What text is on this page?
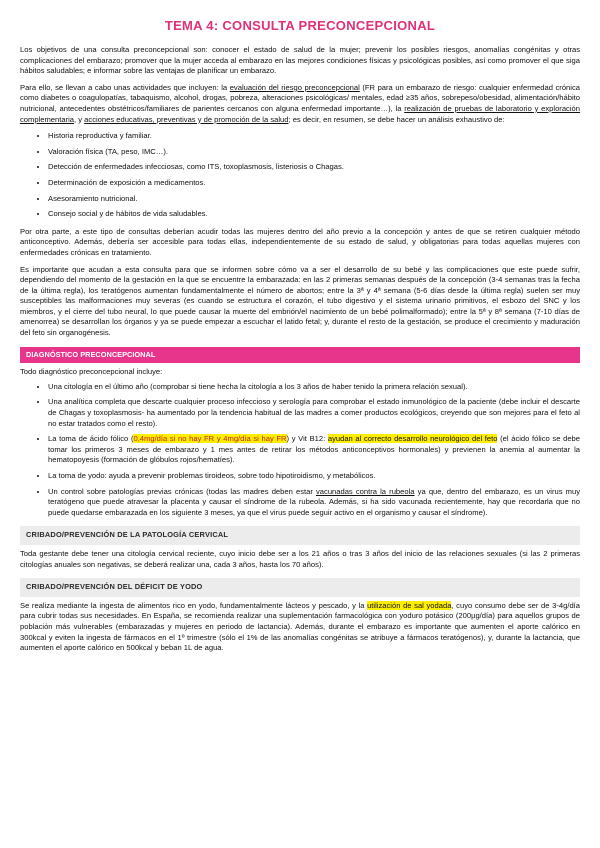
TEMA 4: CONSULTA PRECONCEPCIONAL

Los objetivos de una consulta preconcepcional son: conocer el estado de salud de la mujer; prevenir los posibles riesgos, anomalías congénitas y otras complicaciones del embarazo; promover que la mujer acceda al embarazo en las mejores condiciones físicas y psicológicas posibles, así como promover el que siga hábitos saludables; e informar sobre las ventajas de planificar un embarazo.

Para ello, se llevan a cabo unas actividades que incluyen: la evaluación del riesgo preconcepcional (FR para un embarazo de riesgo: cualquier enfermedad crónica como diabetes o coagulopatías, tabaquismo, alcohol, drogas, pobreza, alteraciones psicológicas/ mentales, edad ≥35 años, sobrepeso/obesidad, alimentación/hábito nutricional, antecedentes obstétricos/familiares de parientes cercanos con alguna enfermedad importante…), la realización de pruebas de laboratorio y exploración complementaria, y acciones educativas, preventivas y de promoción de la salud; es decir, en resumen, se debe hacer un análisis exhaustivo de:

• Historia reproductiva y familiar.
• Valoración física (TA, peso, IMC…).
• Detección de enfermedades infecciosas, como ITS, toxoplasmosis, listeriosis o Chagas.
• Determinación de exposición a medicamentos.
• Asesoramiento nutricional.
• Consejo social y de hábitos de vida saludables.

Por otra parte, a este tipo de consultas deberían acudir todas las mujeres dentro del año previo a la concepción y antes de que se retiren cualquier método anticonceptivo. Además, debería ser accesible para todas ellas, independientemente de su estado de salud, y obligatorias para todas aquellas mujeres con enfermedades crónicas en tratamiento.

Es importante que acudan a esta consulta para que se informen sobre cómo va a ser el desarrollo de su bebé y las complicaciones que este puede sufrir, dependiendo del momento de la gestación en la que se encuentre la embarazada: en las 2 primeras semanas después de la concepción (3-4 semanas tras la fecha de la última regla), los teratógenos aumentan fundamentalmente el número de abortos; entre la 3ª y 4ª semana (5-6 días desde la última regla) suelen ser muy susceptibles las malformaciones muy severas (es cuando se estructura el corazón, el tubo digestivo y el sistema urinario primitivos, el esbozo del SNC y los miembros, y el cierre del tubo neural, lo que puede causar la muerte del embrión/el nacimiento de un bebé polimalformado); entre la 5ª y 8ª semana (7-10 días de amenorrea) se desarrollan los órganos y ya se puede empezar a escuchar el latido fetal; y, durante el resto de la gestación, se produce el crecimiento y maduración del feto sin organogénesis.

DIAGNÓSTICO PRECONCEPCIONAL

Todo diagnóstico preconcepcional incluye:

• Una citología en el último año (comprobar si tiene hecha la citología a los 3 años de haber tenido la primera relación sexual).
• Una analítica completa que descarte cualquier proceso infeccioso y serología para comprobar el estado inmunológico de la paciente (debe incluir el descarte de Chagas y toxoplasmosis- ha aumentado por la tendencia habitual de las madres a comer productos ecológicos, creyendo que son mejores para el feto al no estar tratados como el resto).
• La toma de ácido fólico (0,4mg/día si no hay FR y 4mg/día si hay FR) y Vit B12: ayudan al correcto desarrollo neurológico del feto (el ácido fólico se debe tomar los primeros 3 meses de embarazo y 1 mes antes de retirar los métodos anticonceptivos hormonales) y previenen la anemia al aumentar la hematopoyesis (formación de glóbulos rojos/hematíes).
• La toma de yodo: ayuda a prevenir problemas tiroideos, sobre todo hipotiroidismo, y metabólicos.
• Un control sobre patologías previas crónicas (todas las madres deben estar vacunadas contra la rubeola ya que, dentro del embarazo, es un virus muy teratógeno que puede atravesar la placenta y causar el síndrome de la rubeola. Además, si ha sido vacunada recientemente, hay que recordarla que no puede quedarse embarazada en los siguiente 3 meses, ya que el virus puede seguir activo en el organismo y causar el síndrome).
CRIBADO/PREVENCIÓN DE LA PATOLOGÍA CERVICAL

Toda gestante debe tener una citología cervical reciente, cuyo inicio debe ser a los 21 años o tras 3 años del inicio de las relaciones sexuales (si las 2 primeras citologías anuales son negativas, se deberá realizar una, cada 3 años, hasta los 70 años).

CRIBADO/PREVENCIÓN DEL DÉFICIT DE YODO

Se realiza mediante la ingesta de alimentos rico en yodo, fundamentalmente lácteos y pescado, y la utilización de sal yodada, cuyo consumo debe ser de 3-4g/día para cubrir todas sus necesidades. En España, se recomienda realizar una suplementación farmacológica con yoduro potásico (200µg/día) para aquellos grupos de población más vulnerables (embarazadas y mujeres en periodo de lactancia). Además, durante el embarazo es importante que aumenten el aporte calórico en 300kcal y eviten la ingesta de fármacos en el 1º trimestre (sólo el 1% de las anomalías congénitas se atribuye a fármacos teratógenos), y, durante la lactancia, que aumenten el aporte calórico en 500kcal y beban 1L de agua.
